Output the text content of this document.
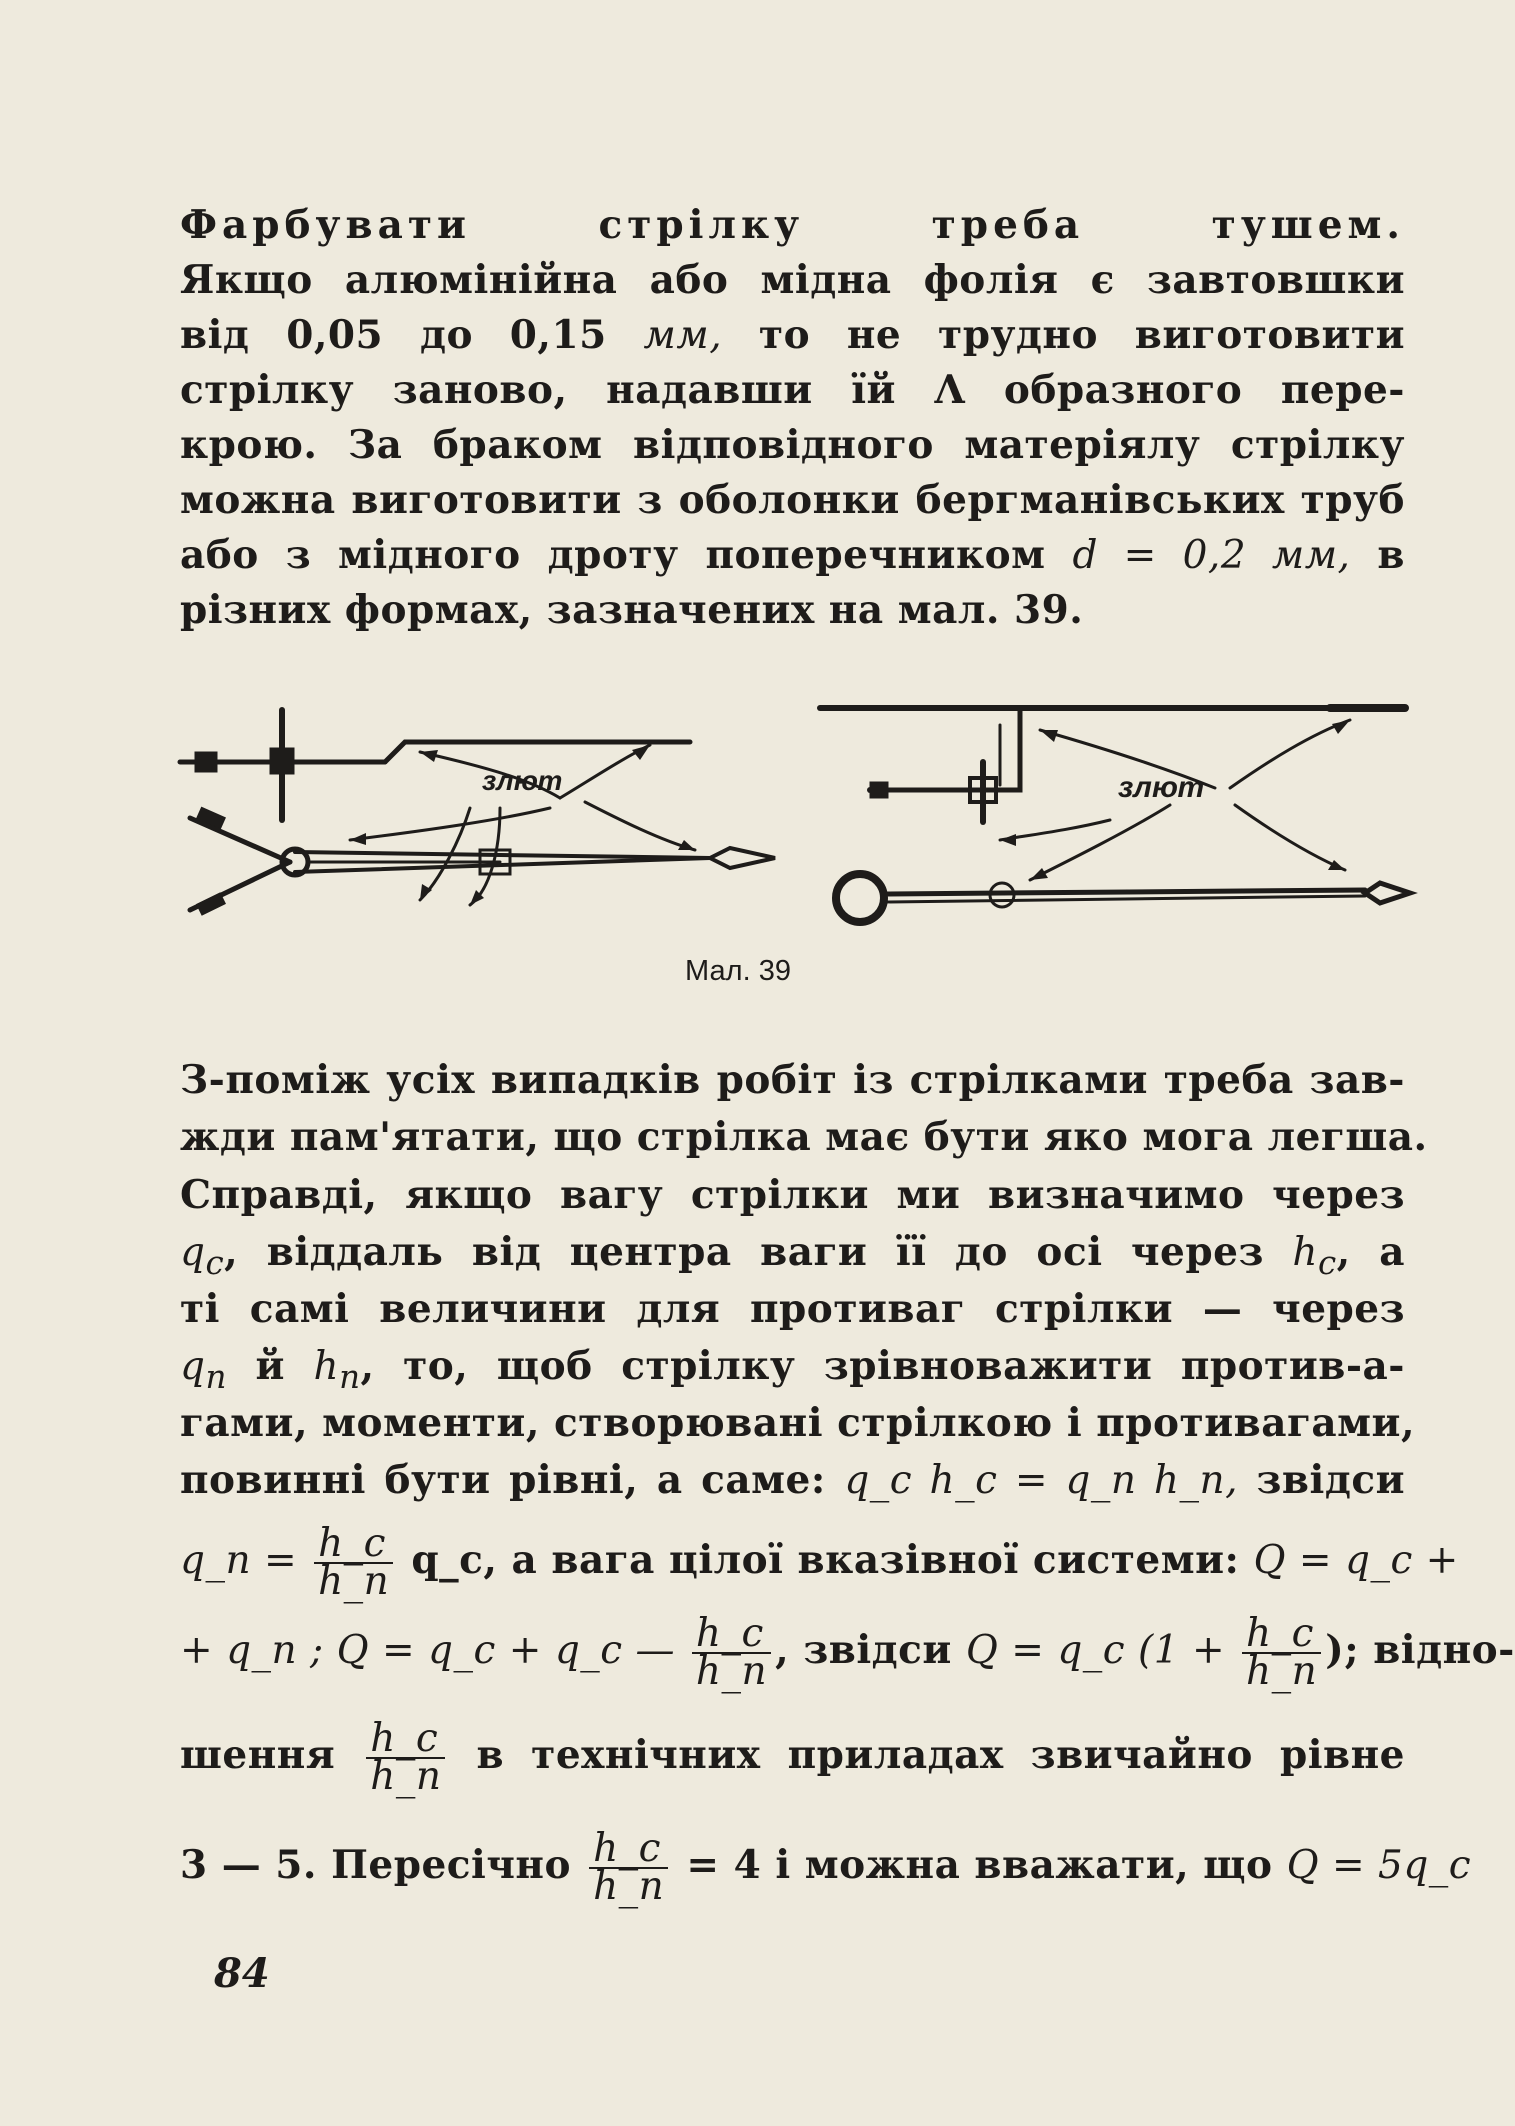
Фарбувати стрілку треба тушем.
Якщо алюмінійна або мідна фолія є завтовшки
від 0,05 до 0,15 мм, то не трудно виготовити
стрілку заново, надавши їй Λ образного пере-
крою. За браком відповідного матеріялу стрілку
можна виготовити з оболонки бергманівських труб
або з мідного дроту поперечником d = 0,2 мм, в
різних формах, зазначених на мал. 39.
злют	злют
Мал. 39
З-поміж усіх випадків робіт із стрілками треба зав-
жди пам'ятати, що стрілка має бути яко мога легша.
Справді, якщо вагу стрілки ми визначимо через
$q_c$, віддаль від центра ваги її до осі через $h_c$, а
ті самі величини для противаг стрілки — через
$q_n$ й $h_n$, то, щоб стрілку зрівноважити против-а-
гами, моменти, створювані стрілкою і противагами,
повинні бути рівні, а саме: q_c h_c = q_n h_n, звідси
q_n = $\frac{h\_c}{h\_n}$ q_c, а вага цілої вказівної системи: Q = q_c +
+ q_n ; Q = q_c + q_c — $\frac{h\_c}{h\_n}$ , звідси Q = q_c ($1 + \frac{h\_c}{h\_n}$ ); відно-
шення $\frac{h\_c}{h\_n}$ в технічних приладах звичайно рівне
3 — 5. Пересічно $\frac{h\_c}{h\_n} = 4$ і можна вважати, що Q = 5q_c
84
